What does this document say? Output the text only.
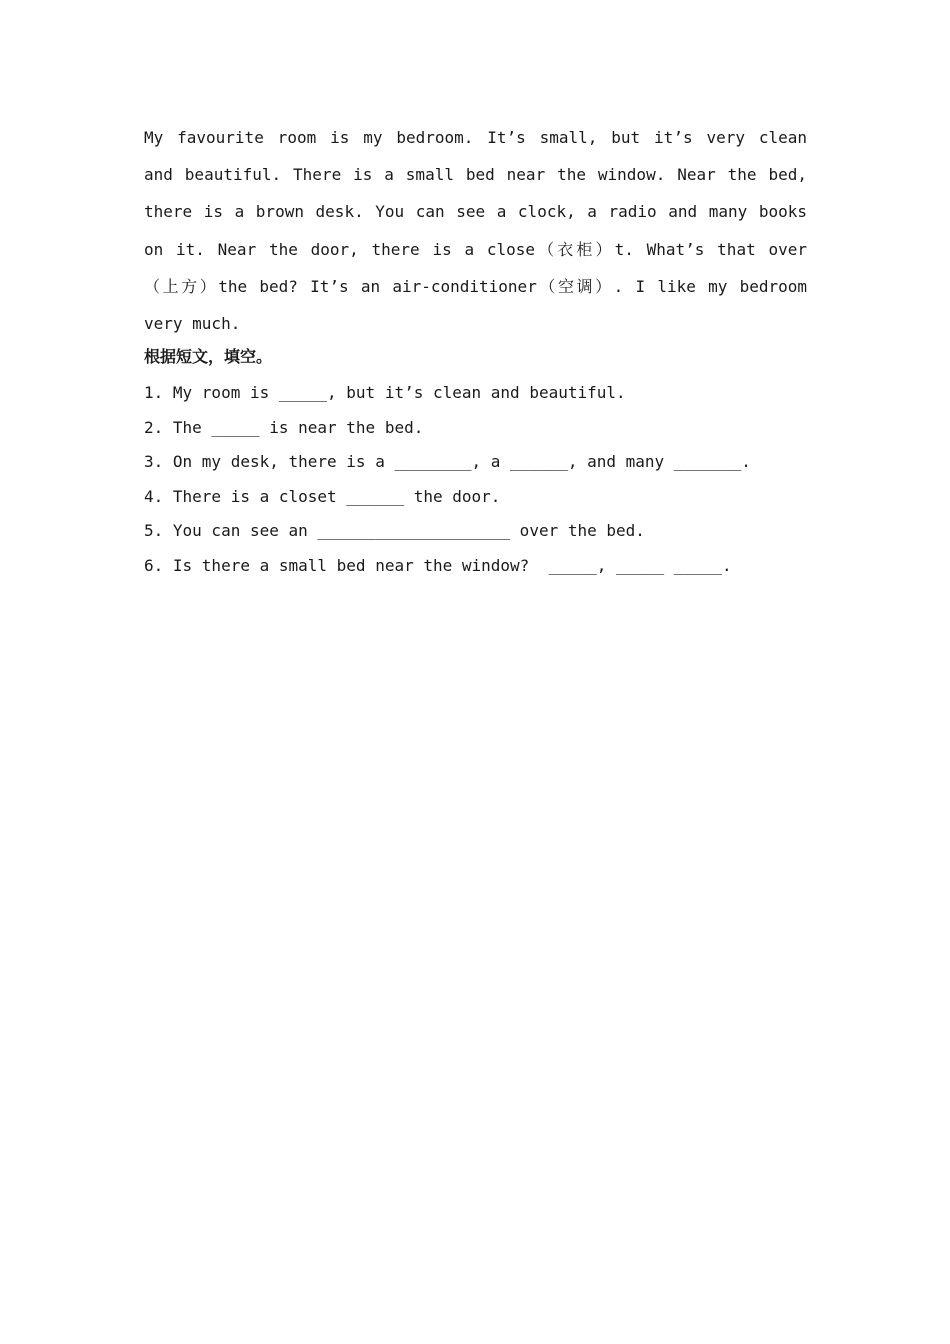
My favourite room is my bedroom. It’s small, but it’s very clean
and beautiful. There is a small bed near the window. Near the bed,
there is a brown desk. You can see a clock, a radio and many books
on it. Near the door, there is a close（衣柜）t. What’s that over
（上方）the bed? It’s an air-conditioner（空调）. I like my bedroom
very much.
根据短文，填空。
1. My room is _____, but it’s clean and beautiful.
2. The _____ is near the bed.
3. On my desk, there is a ________, a ______, and many _______.
4. There is a closet ______ the door.
5. You can see an ____________________ over the bed.
6. Is there a small bed near the window?  _____, _____ _____.
